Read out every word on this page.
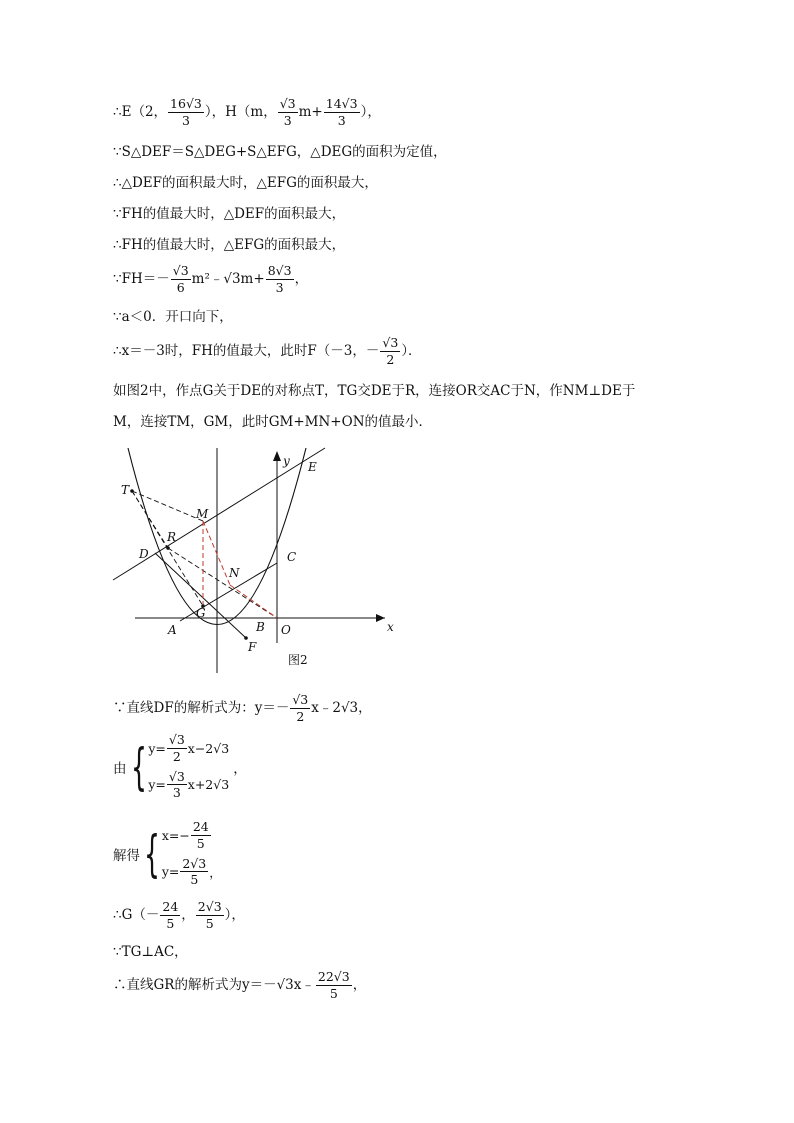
∴E（2， $\frac{16√3}{3}$ ），H（m， $\frac{√3}{3} m+ \frac{14√3}{3}$ ），
∵S△DEF＝S△DEG+S△EFG，△DEG的面积为定值，
∴△DEF的面积最大时，△EFG的面积最大，
∵FH的值最大时，△DEF的面积最大，
∴FH的值最大时，△EFG的面积最大，
∵FH＝－ $\frac{√3}{6}$ m²﹣√3m+ $\frac{8√3}{3}$ ，
∵a＜0．开口向下，
∴x＝－3时，FH的值最大，此时F（－3，－ $\frac{√3}{2}$ ）．
如图2中，作点G关于DE的对称点T，TG交DE于R，连接OR交AC于N，作NM⊥DE于
M，连接TM，GM，此时GM+MN+ON的值最小．
T
M
R
D
N
G
A	B O
F
C
E
x
y
图2
∵直线DF的解析式为：$y=- \frac{√3}{2}$ x﹣2√3，
由 { $y= \frac{√3}{2} x-2√3$
$y= \frac{√3}{3} x+2√3$
，
解得 { $x=- \frac{24}{5}$
$y= \frac{2√3}{5}$ ，
∴G（－ $\frac{24}{5}$ ， $\frac{2√3}{5}$ ），
∵TG⊥AC，
∴直线GR的解析式为y＝－√3x﹣ $\frac{22√3}{5}$ ，
